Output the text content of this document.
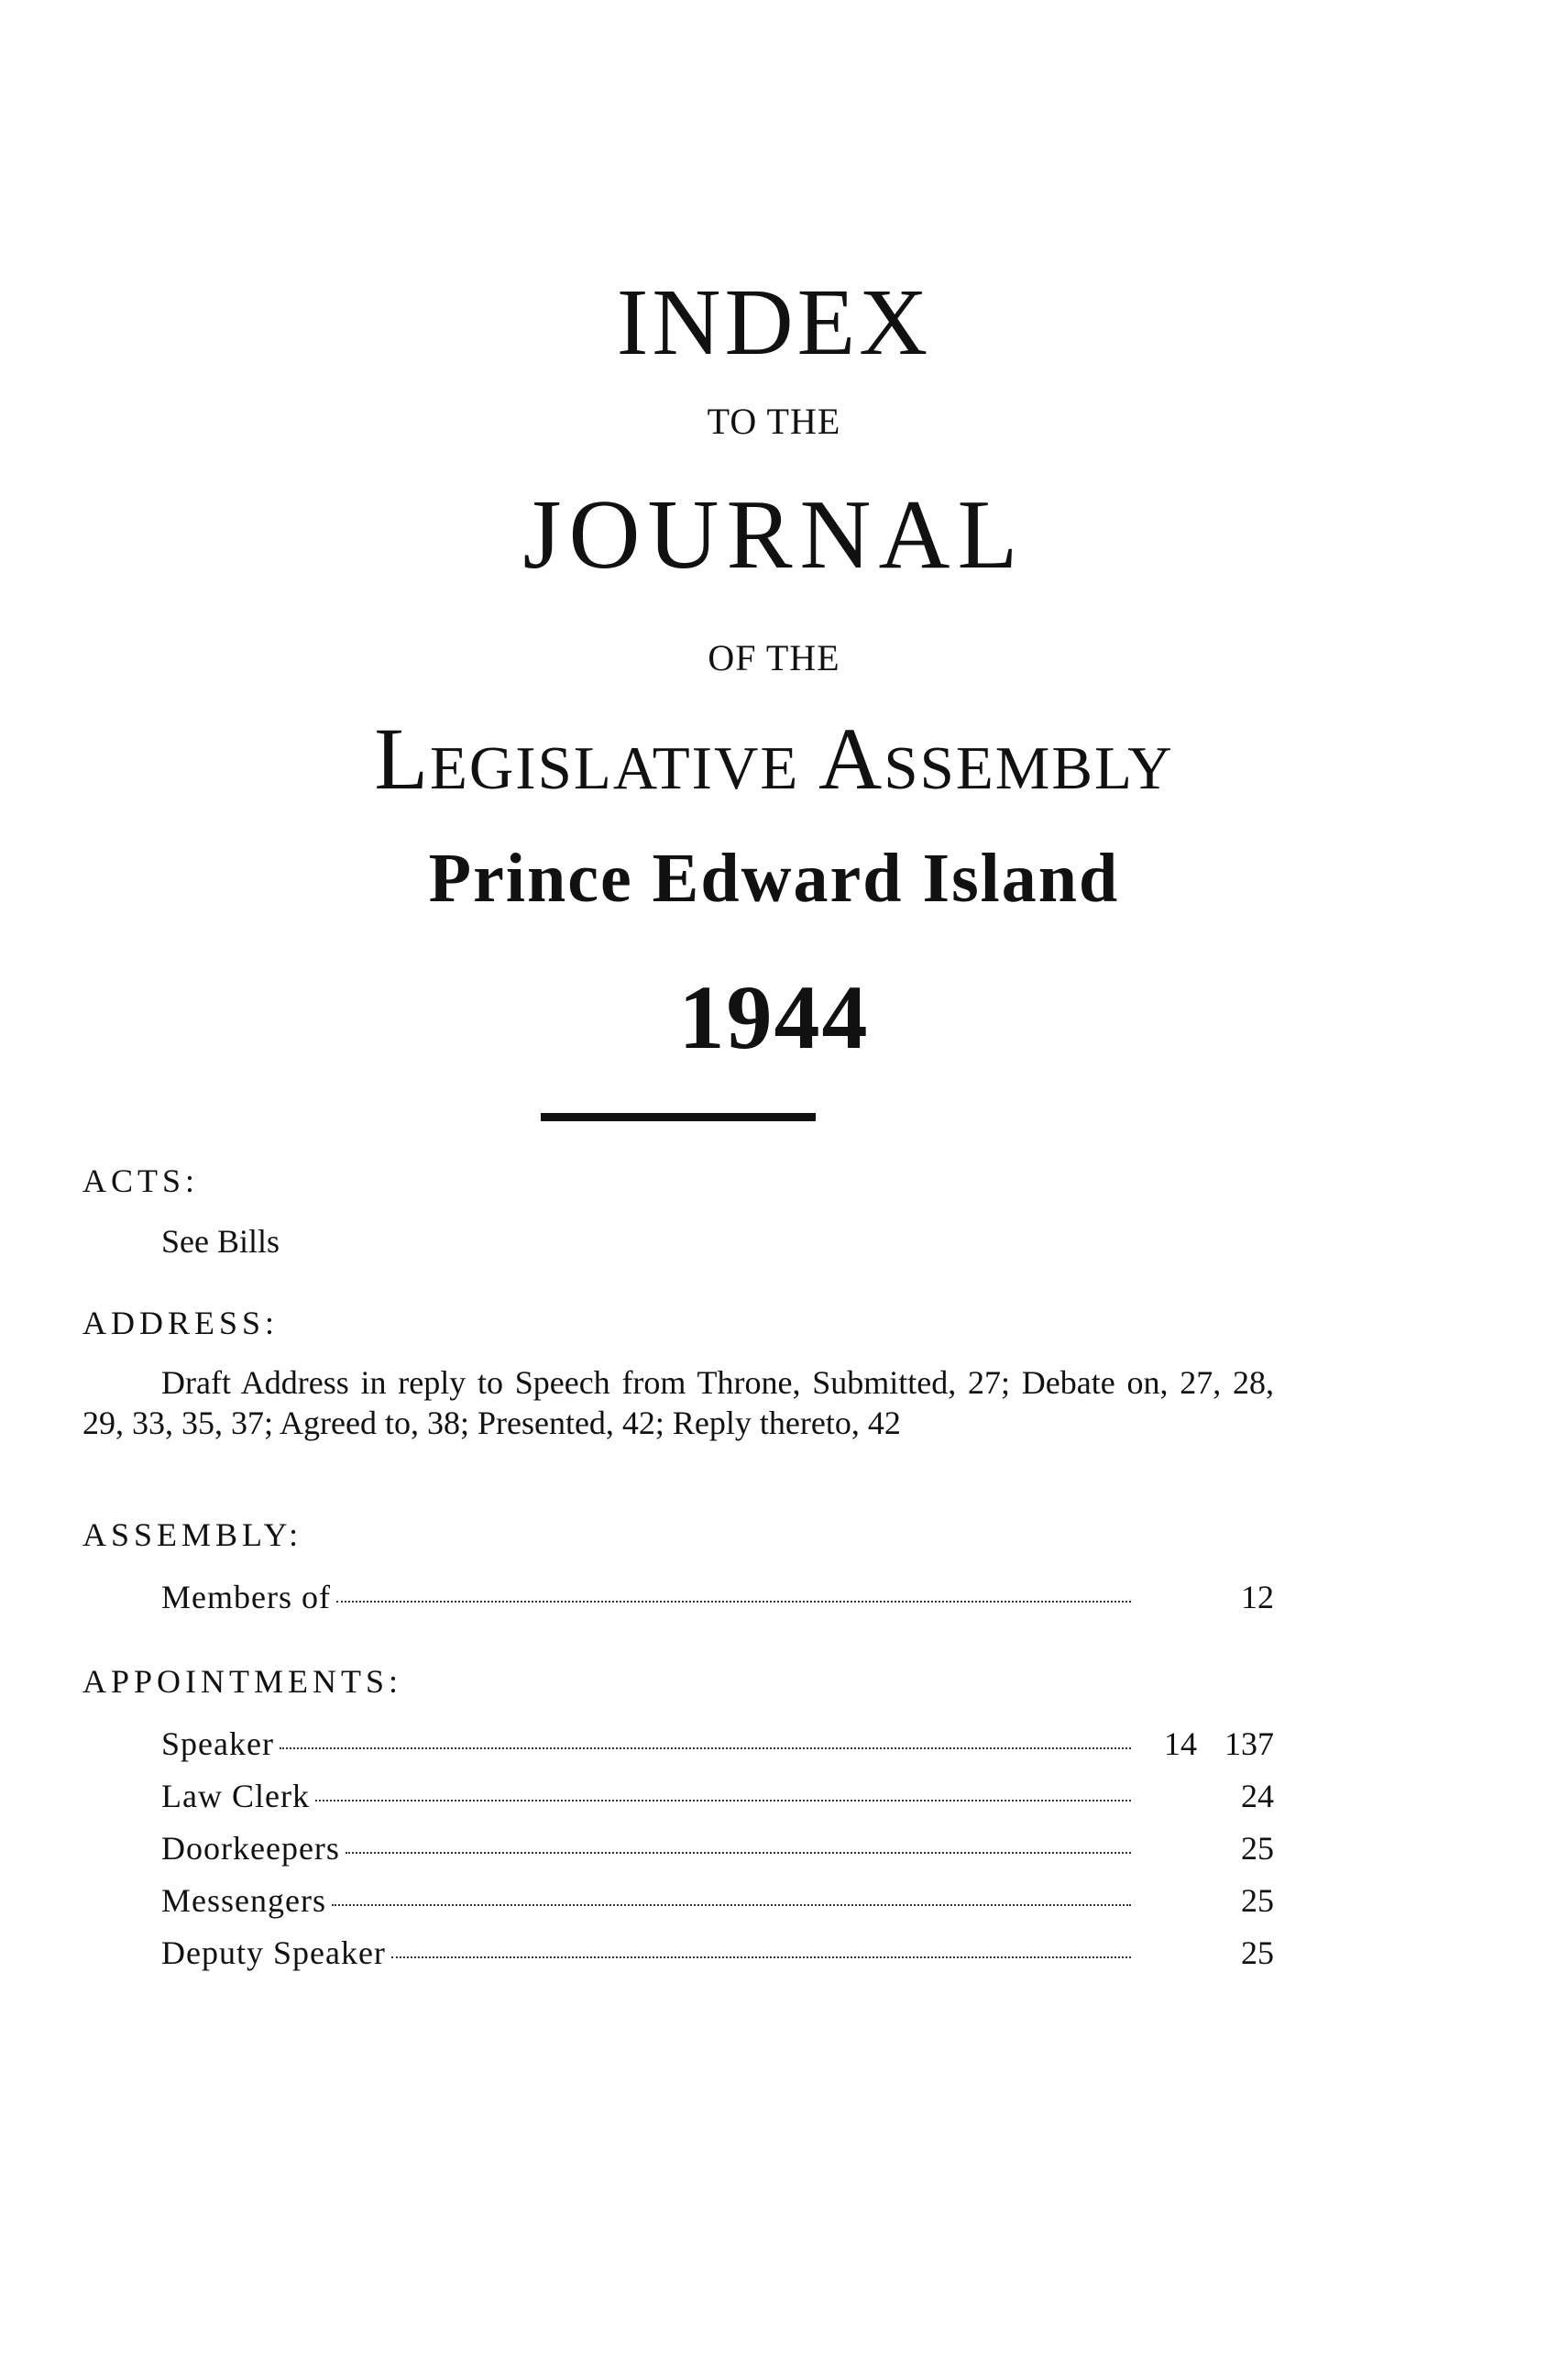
INDEX
TO THE
JOURNAL
OF THE
Legislative Assembly
Prince Edward Island
1944
ACTS:
See Bills
ADDRESS:

Draft Address in reply to Speech from Throne, Submitted, 27; Debate on, 27, 28, 29, 33, 35, 37; Agreed to, 38; Presented, 42; Reply thereto, 42

ASSEMBLY:
Members of	12
APPOINTMENTS:
Speaker	14 137
Law Clerk	24
Doorkeepers	25
Messengers	25
Deputy Speaker	25
